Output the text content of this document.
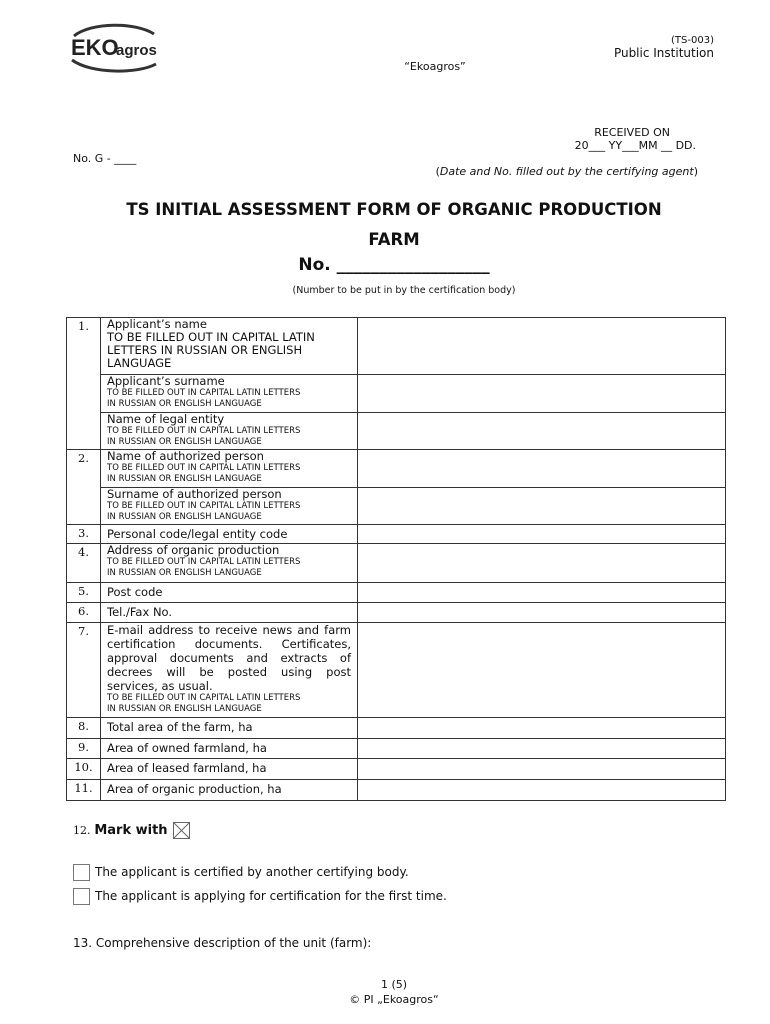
EKO
agros
(TS-003)
Public Institution
“Ekoagros”
RECEIVED ON
20___ YY___MM __ DD.
No. G - ____
(Date and No. filled out by the certifying agent)
TS INITIAL ASSESSMENT FORM OF ORGANIC PRODUCTION
FARM
No. __________________
(Number to be put in by the certification body)
1.	Applicant’s name
TO BE FILLED OUT IN CAPITAL LATIN
LETTERS IN RUSSIAN OR ENGLISH
LANGUAGE	
	Applicant’s surname
TO BE FILLED OUT IN CAPITAL LATIN LETTERS
IN RUSSIAN OR ENGLISH LANGUAGE	

	Name of legal entity
TO BE FILLED OUT IN CAPITAL LATIN LETTERS
IN RUSSIAN OR ENGLISH LANGUAGE	

2.	Name of authorized person
TO BE FILLED OUT IN CAPITAL LATIN LETTERS
IN RUSSIAN OR ENGLISH LANGUAGE	

	Surname of authorized person
TO BE FILLED OUT IN CAPITAL LATIN LETTERS
IN RUSSIAN OR ENGLISH LANGUAGE	

3.	Personal code/legal entity code	
4.	Address of organic production
TO BE FILLED OUT IN CAPITAL LATIN LETTERS
IN RUSSIAN OR ENGLISH LANGUAGE	

5.	Post code	
6.	Tel./Fax No.	
7.	E-mail address to receive news and farm certification documents. Certificates, approval documents and extracts of decrees will be posted using post services, as usual.
TO BE FILLED OUT IN CAPITAL LATIN LETTERS
IN RUSSIAN OR ENGLISH LANGUAGE	

8.	Total area of the farm, ha	
9.	Area of owned farmland, ha	
10.	Area of leased farmland, ha	
11.	Area of organic production, ha	
12. Mark with
The applicant is certified by another certifying body.
The applicant is applying for certification for the first time.
13. Comprehensive description of the unit (farm):
1 (5)
© PI „Ekoagros“
